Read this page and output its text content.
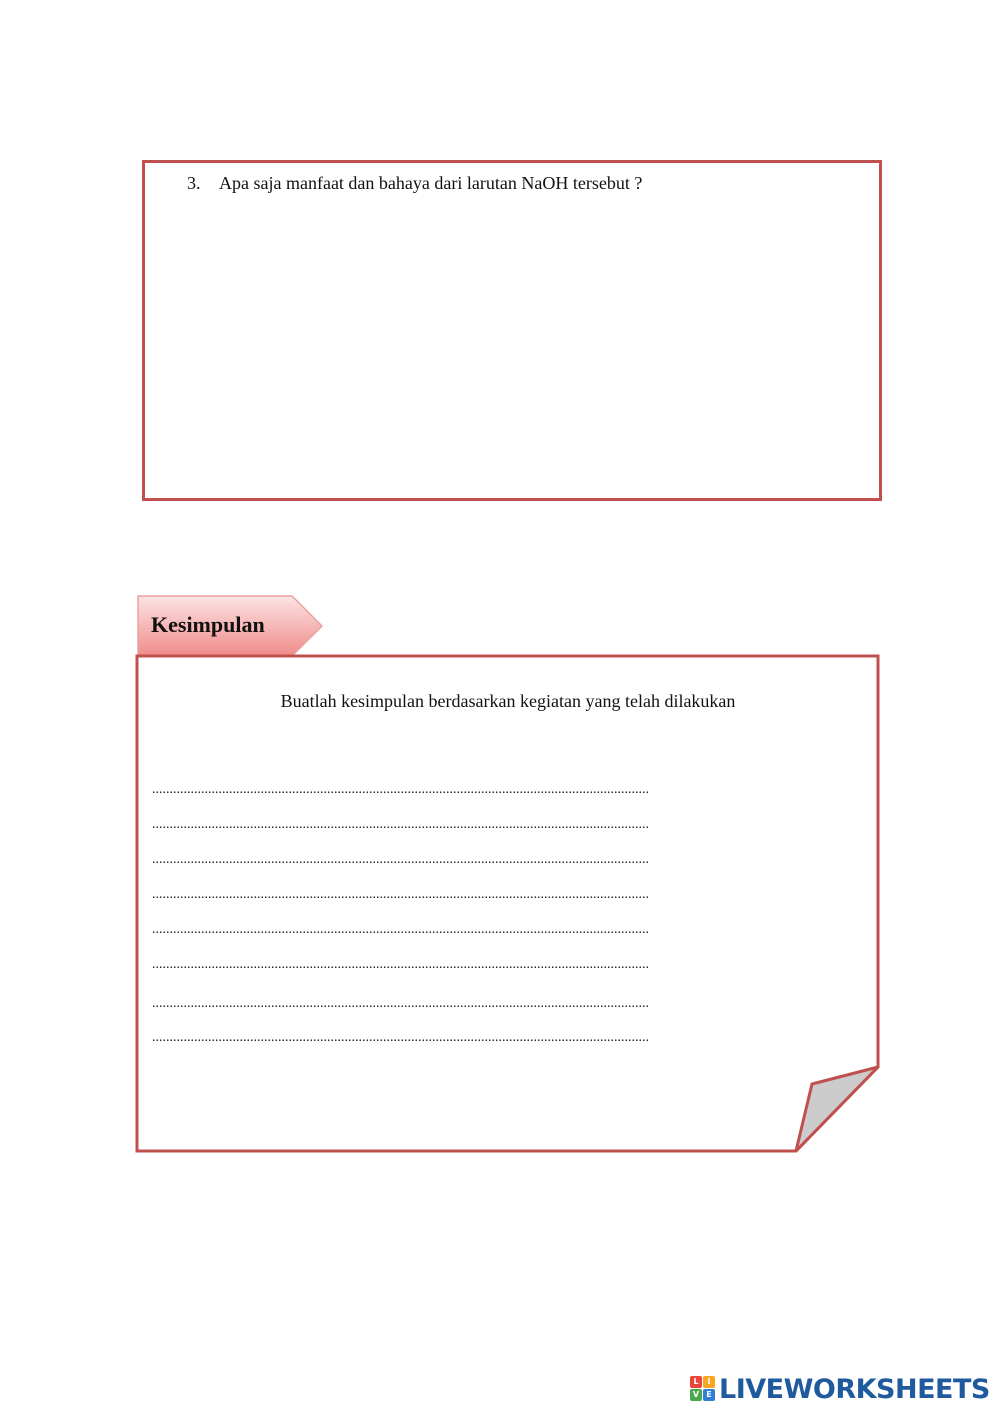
3. Apa saja manfaat dan bahaya dari larutan NaOH tersebut ?
Kesimpulan
Buatlah kesimpulan berdasarkan kegiatan yang telah dilakukan
..............................................................................................................................................
..............................................................................................................................................
..............................................................................................................................................
..............................................................................................................................................
..............................................................................................................................................
..............................................................................................................................................
..............................................................................................................................................
..............................................................................................................................................
L	I
V E LIVEWORKSHEETS
